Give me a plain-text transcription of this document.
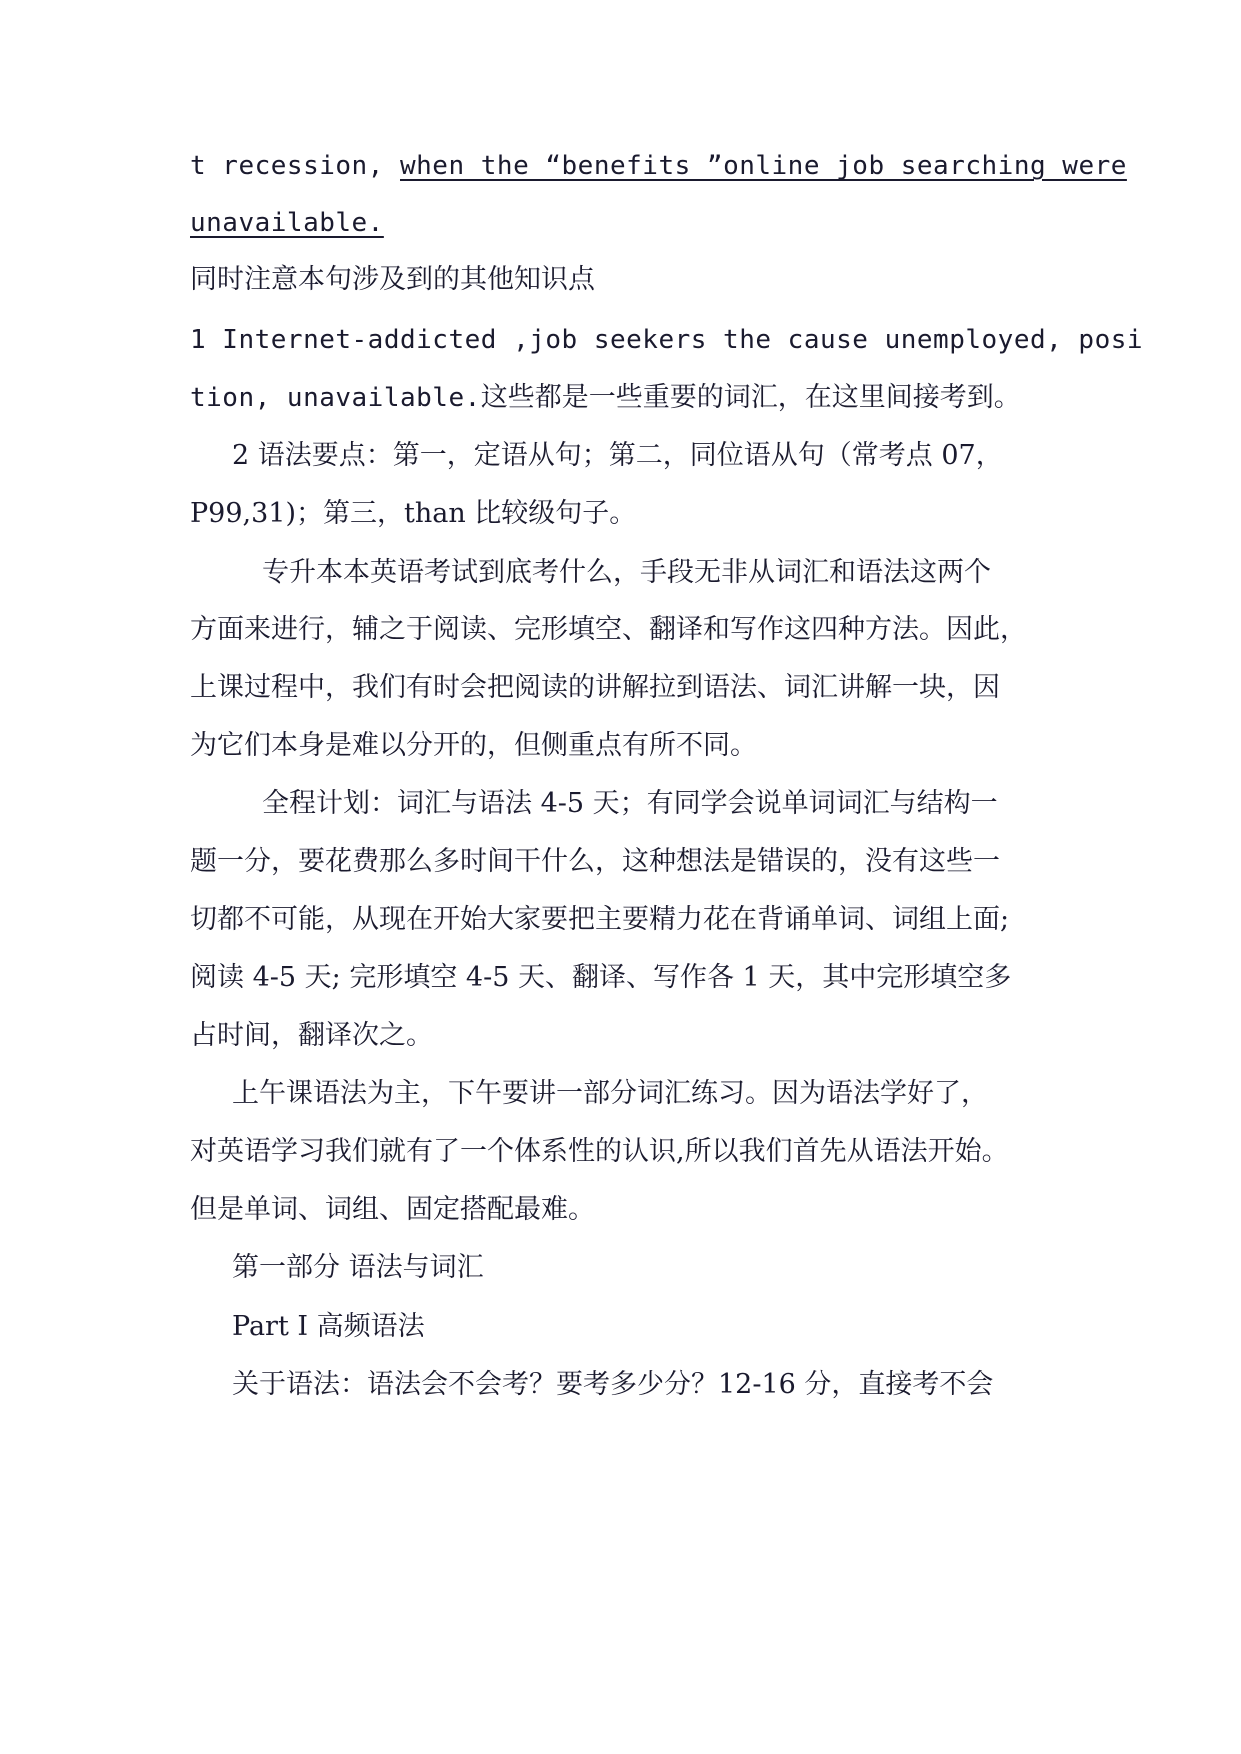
t recession, when the “benefits ”online job searching were
unavailable.
同时注意本句涉及到的其他知识点
1 Internet-addicted ,job seekers the cause unemployed, posi
tion, unavailable.这些都是一些重要的词汇，在这里间接考到。
2 语法要点：第一，定语从句；第二，同位语从句（常考点 07，
P99,31)；第三，than 比较级句子。
专升本本英语考试到底考什么，手段无非从词汇和语法这两个
方面来进行，辅之于阅读、完形填空、翻译和写作这四种方法。因此，
上课过程中，我们有时会把阅读的讲解拉到语法、词汇讲解一块，因
为它们本身是难以分开的，但侧重点有所不同。
全程计划：词汇与语法 4-5 天；有同学会说单词词汇与结构一
题一分，要花费那么多时间干什么，这种想法是错误的，没有这些一
切都不可能，从现在开始大家要把主要精力花在背诵单词、词组上面;
阅读 4-5 天; 完形填空 4-5 天、翻译、写作各 1 天，其中完形填空多
占时间，翻译次之。
上午课语法为主，下午要讲一部分词汇练习。因为语法学好了，
对英语学习我们就有了一个体系性的认识,所以我们首先从语法开始。
但是单词、词组、固定搭配最难。
第一部分 语法与词汇
Part Ⅰ 高频语法
关于语法：语法会不会考？要考多少分？12-16 分，直接考不会
